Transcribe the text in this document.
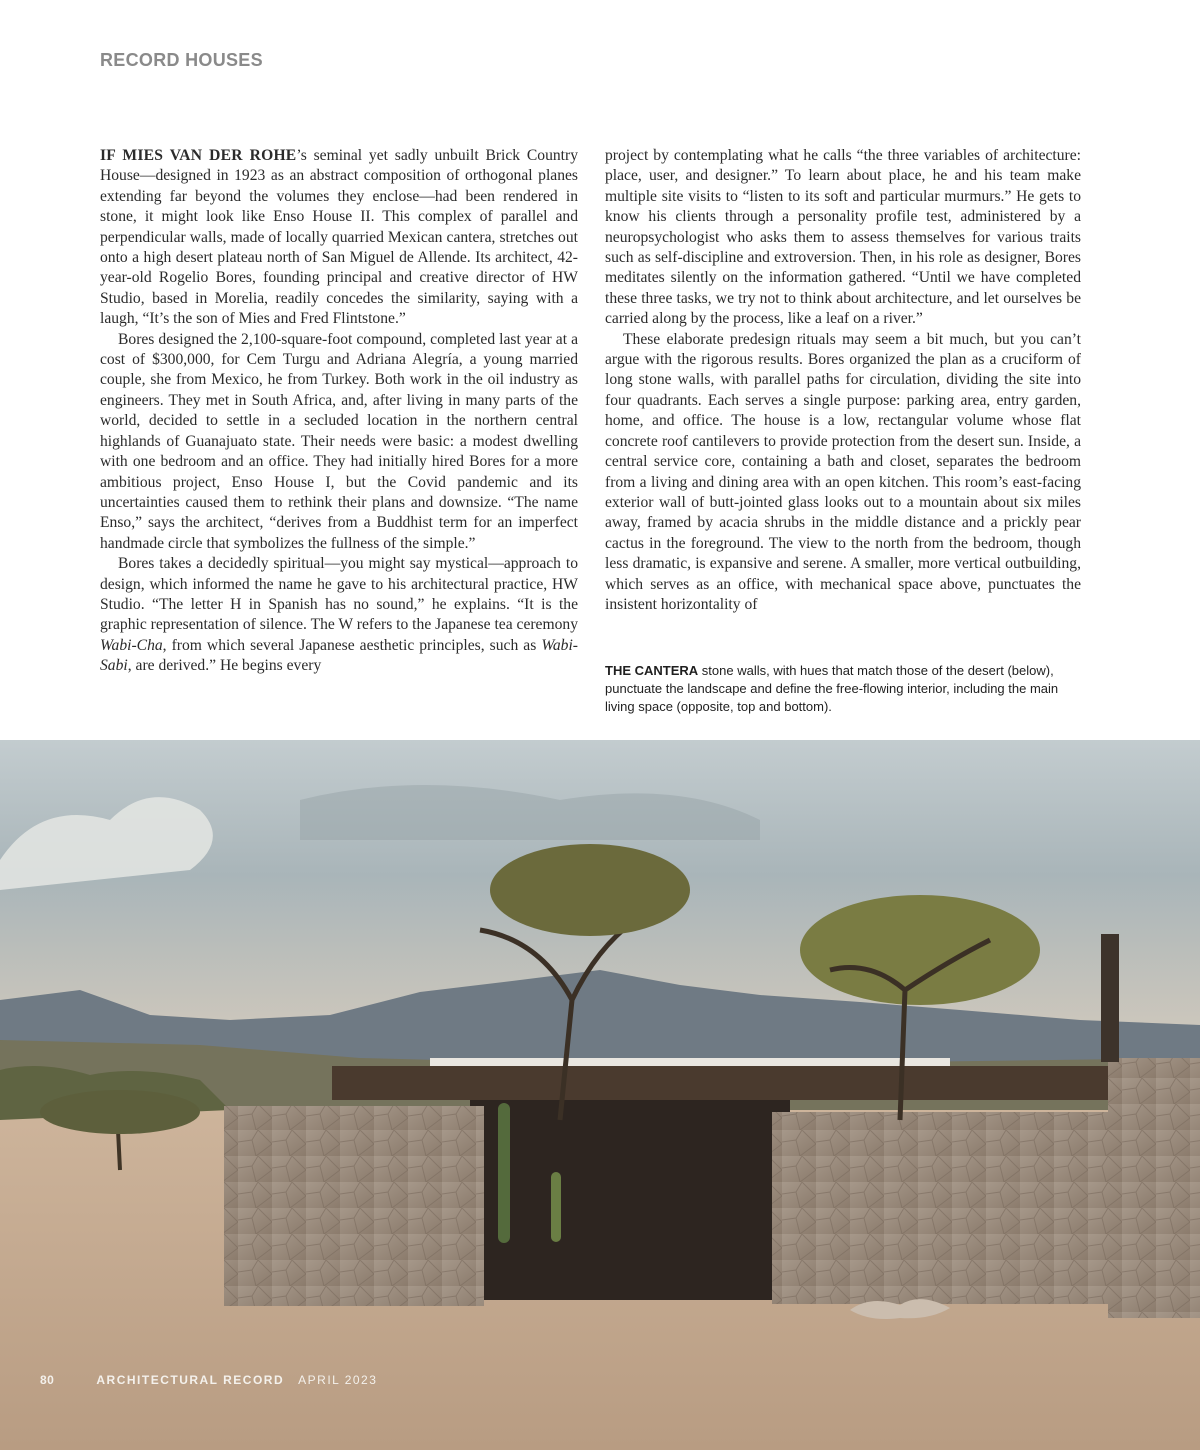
RECORD HOUSES

IF MIES VAN DER ROHE’s seminal yet sadly unbuilt Brick Country House—designed in 1923 as an abstract composition of orthogonal planes extending far beyond the volumes they enclose—had been rendered in stone, it might look like Enso House II. This complex of parallel and perpendicular walls, made of locally quarried Mexican cantera, stretches out onto a high desert plateau north of San Miguel de Allende. Its architect, 42-year-old Rogelio Bores, founding principal and creative director of HW Studio, based in Morelia, readily concedes the similarity, saying with a laugh, “It’s the son of Mies and Fred Flintstone.”

Bores designed the 2,100-square-foot compound, completed last year at a cost of $300,000, for Cem Turgu and Adriana Alegría, a young married couple, she from Mexico, he from Turkey. Both work in the oil industry as engineers. They met in South Africa, and, after living in many parts of the world, decided to settle in a secluded location in the northern central highlands of Guanajuato state. Their needs were basic: a modest dwelling with one bedroom and an office. They had initially hired Bores for a more ambitious project, Enso House I, but the Covid pandemic and its uncertainties caused them to rethink their plans and downsize. “The name Enso,” says the architect, “derives from a Buddhist term for an imperfect handmade circle that symbolizes the fullness of the simple.”

Bores takes a decidedly spiritual—you might say mystical—approach to design, which informed the name he gave to his architectural practice, HW Studio. “The letter H in Spanish has no sound,” he explains. “It is the graphic representation of silence. The W refers to the Japanese tea ceremony Wabi-Cha, from which several Japanese aesthetic principles, such as Wabi-Sabi, are derived.” He begins every

project by contemplating what he calls “the three variables of architecture: place, user, and designer.” To learn about place, he and his team make multiple site visits to “listen to its soft and particular murmurs.” He gets to know his clients through a personality profile test, administered by a neuropsychologist who asks them to assess themselves for various traits such as self-discipline and extroversion. Then, in his role as designer, Bores meditates silently on the information gathered. “Until we have completed these three tasks, we try not to think about architecture, and let ourselves be carried along by the process, like a leaf on a river.”

These elaborate predesign rituals may seem a bit much, but you can’t argue with the rigorous results. Bores organized the plan as a cruciform of long stone walls, with parallel paths for circulation, dividing the site into four quadrants. Each serves a single purpose: parking area, entry garden, home, and office. The house is a low, rectangular volume whose flat concrete roof cantilevers to provide protection from the desert sun. Inside, a central service core, containing a bath and closet, separates the bedroom from a living and dining area with an open kitchen. This room’s east-facing exterior wall of butt-jointed glass looks out to a mountain about six miles away, framed by acacia shrubs in the middle distance and a prickly pear cactus in the foreground. The view to the north from the bedroom, though less dramatic, is expansive and serene. A smaller, more vertical outbuilding, which serves as an office, with mechanical space above, punctuates the insistent horizontality of

THE CANTERA stone walls, with hues that match those of the desert (below), punctuate the landscape and define the free-flowing interior, including the main living space (opposite, top and bottom).
80	ARCHITECTURAL RECORD APRIL 2023
